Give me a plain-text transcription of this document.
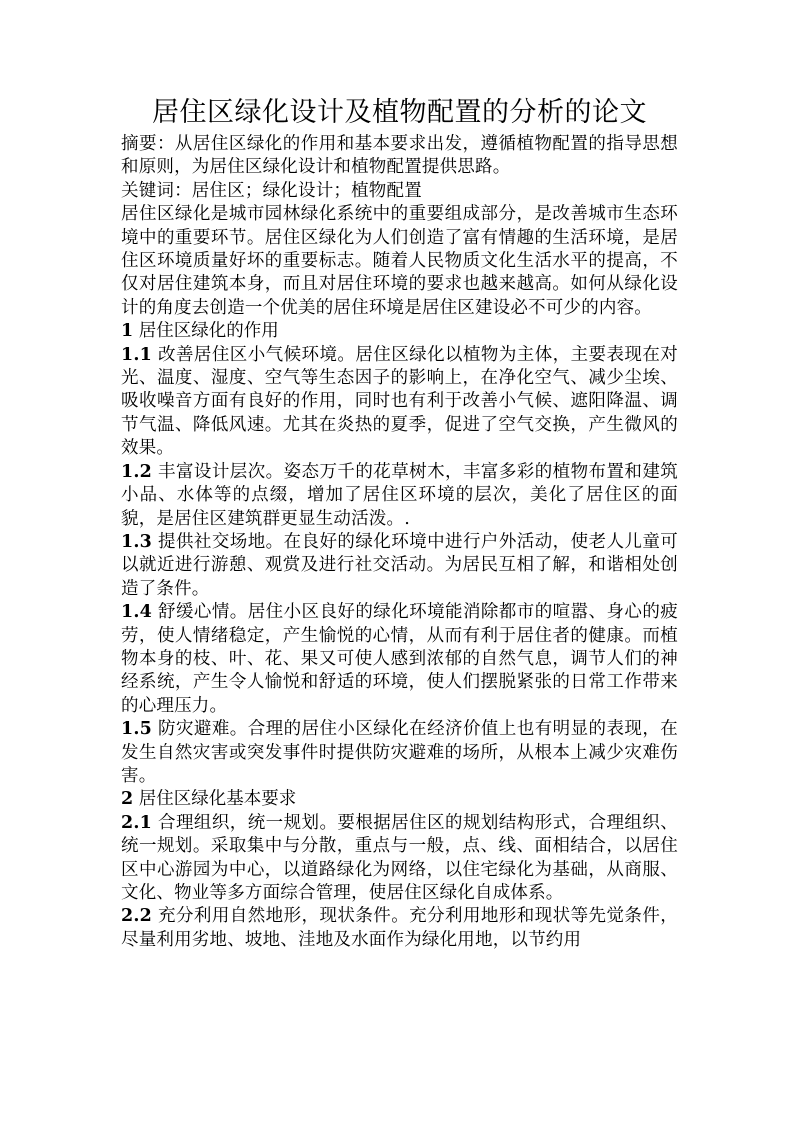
居住区绿化设计及植物配置的分析的论文

摘要：从居住区绿化的作用和基本要求出发，遵循植物配置的指导思想和原则，为居住区绿化设计和植物配置提供思路。

关键词：居住区；绿化设计；植物配置

居住区绿化是城市园林绿化系统中的重要组成部分，是改善城市生态环境中的重要环节。居住区绿化为人们创造了富有情趣的生活环境，是居住区环境质量好坏的重要标志。随着人民物质文化生活水平的提高，不仅对居住建筑本身，而且对居住环境的要求也越来越高。如何从绿化设计的角度去创造一个优美的居住环境是居住区建设必不可少的内容。

1 居住区绿化的作用

1.1 改善居住区小气候环境。居住区绿化以植物为主体，主要表现在对光、温度、湿度、空气等生态因子的影响上，在净化空气、减少尘埃、吸收噪音方面有良好的作用，同时也有利于改善小气候、遮阳降温、调节气温、降低风速。尤其在炎热的夏季，促进了空气交换，产生微风的效果。

1.2 丰富设计层次。姿态万千的花草树木，丰富多彩的植物布置和建筑小品、水体等的点缀，增加了居住区环境的层次，美化了居住区的面貌，是居住区建筑群更显生动活泼。.

1.3 提供社交场地。在良好的绿化环境中进行户外活动，使老人儿童可以就近进行游憩、观赏及进行社交活动。为居民互相了解，和谐相处创造了条件。

1.4 舒缓心情。居住小区良好的绿化环境能消除都市的喧嚣、身心的疲劳，使人情绪稳定，产生愉悦的心情，从而有利于居住者的健康。而植物本身的枝、叶、花、果又可使人感到浓郁的自然气息，调节人们的神经系统，产生令人愉悦和舒适的环境，使人们摆脱紧张的日常工作带来的心理压力。

1.5 防灾避难。合理的居住小区绿化在经济价值上也有明显的表现，在发生自然灾害或突发事件时提供防灾避难的场所，从根本上减少灾难伤害。

2 居住区绿化基本要求

2.1 合理组织，统一规划。要根据居住区的规划结构形式，合理组织、统一规划。采取集中与分散，重点与一般，点、线、面相结合，以居住区中心游园为中心，以道路绿化为网络，以住宅绿化为基础，从商服、文化、物业等多方面综合管理，使居住区绿化自成体系。

2.2 充分利用自然地形，现状条件。充分利用地形和现状等先觉条件，尽量利用劣地、坡地、洼地及水面作为绿化用地，以节约用
